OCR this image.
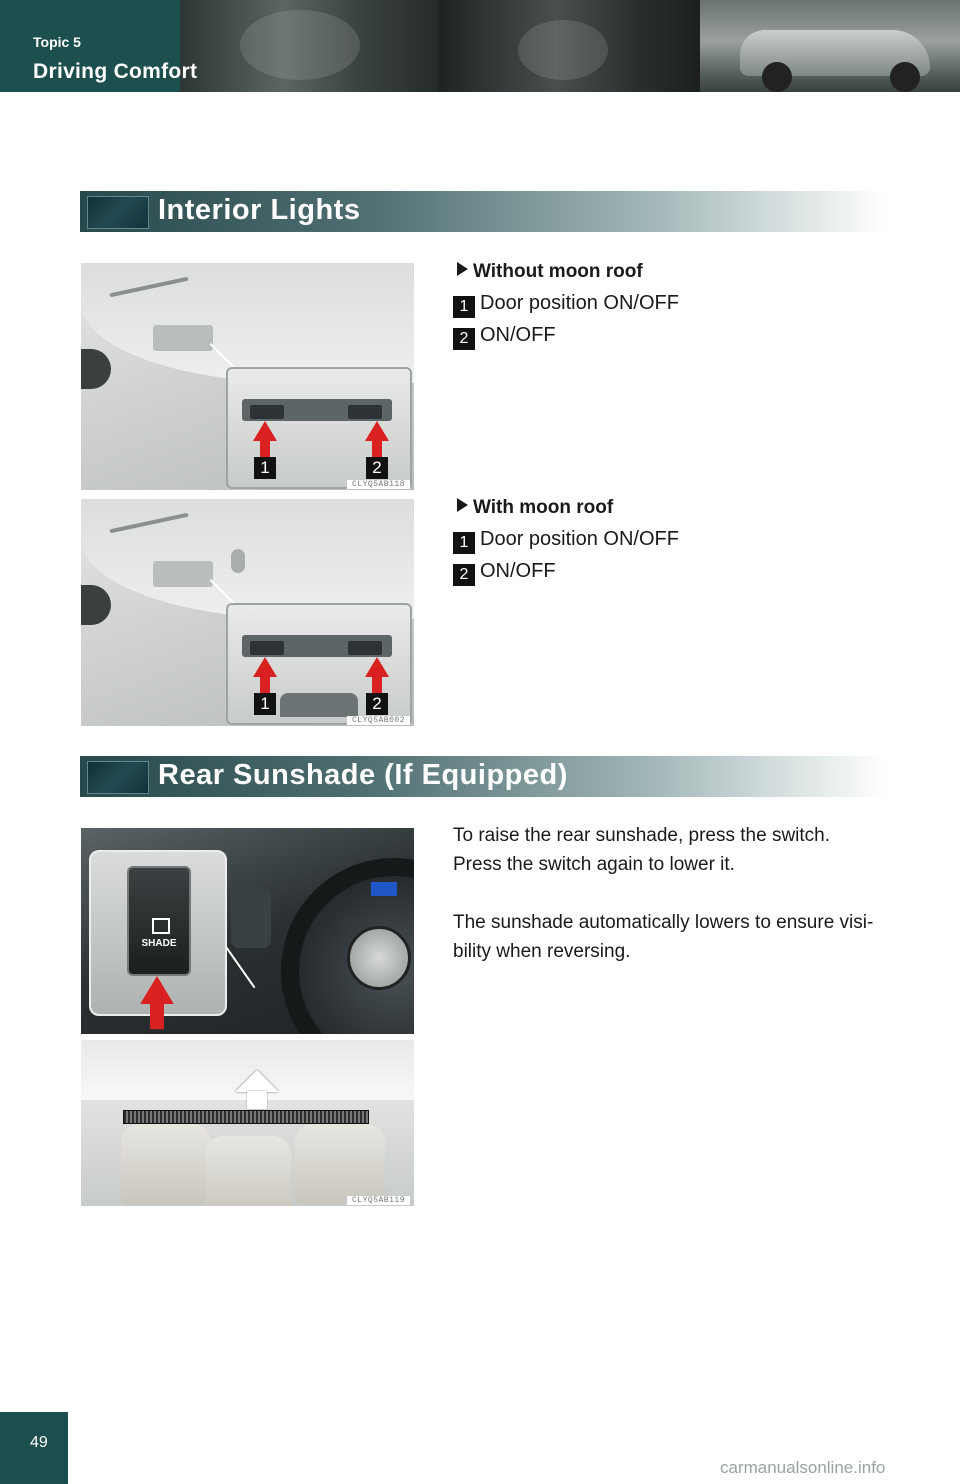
Topic 5
Driving Comfort
Interior Lights
1	2
CLYQ5AB118
Without moon roof
1 Door position ON/OFF
2 ON/OFF
1	2
CLYQ5AB002
With moon roof
1 Door position ON/OFF
2 ON/OFF
Rear Sunshade (If Equipped)
SHADE
CLYQ5AB119
To raise the rear sunshade, press the switch.
Press the switch again to lower it.
The sunshade automatically lowers to ensure visi-
bility when reversing.
49
carmanualsonline.info
